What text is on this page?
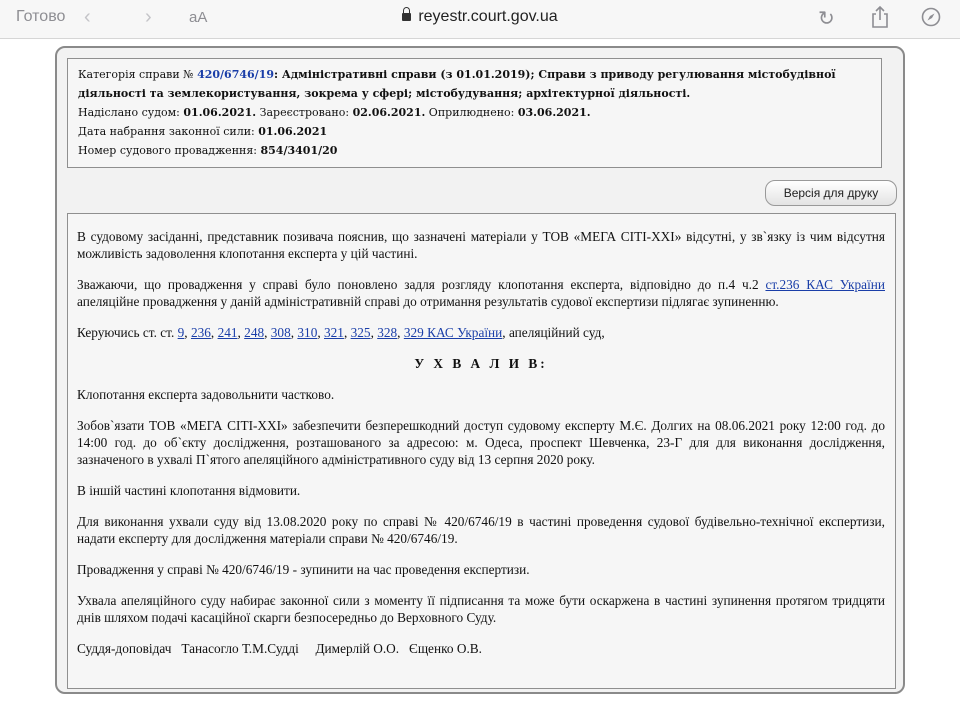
Готово ‹	› aA	reyestr.court.gov.ua	↻
Категорія справи № 420/6746/19: Адміністративні справи (з 01.01.2019); Справи з приводу регулювання містобудівної діяльності та землекористування, зокрема у сфері; містобудування; архітектурної діяльності.
Надіслано судом: 01.06.2021. Зареєстровано: 02.06.2021. Оприлюднено: 03.06.2021.
Дата набрання законної сили: 01.06.2021
Номер судового провадження: 854/3401/20
Версія для друку

В судовому засіданні, представник позивача пояснив, що зазначені матеріали у ТОВ «МЕГА СІТІ-ХХІ» відсутні, у зв`язку із чим відсутня можливість задоволення клопотання експерта у цій частині.

Зважаючи, що провадження у справі було поновлено задля розгляду клопотання експерта, відповідно до п.4 ч.2 ст.236 КАС України апеляційне провадження у даній адміністративній справі до отримання результатів судової експертизи підлягає зупиненню.

Керуючись ст. ст. 9, 236, 241, 248, 308, 310, 321, 325, 328, 329 КАС України, апеляційний суд,

У Х В А Л И В:

Клопотання експерта задовольнити частково.

Зобов`язати ТОВ «МЕГА СІТІ-ХХІ» забезпечити безперешкодний доступ судовому експерту М.Є. Долгих на 08.06.2021 року 12:00 год. до 14:00 год. до об`єкту дослідження, розташованого за адресою: м. Одеса, проспект Шевченка, 23-Г для для виконання дослідження, зазначеного в ухвалі П`ятого апеляційного адміністративного суду від 13 серпня 2020 року.

В іншій частині клопотання відмовити.

Для виконання ухвали суду від 13.08.2020 року по справі № 420/6746/19 в частині проведення судової будівельно-технічної експертизи, надати експерту для дослідження матеріали справи № 420/6746/19.

Провадження у справі № 420/6746/19 - зупинити на час проведення експертизи.

Ухвала апеляційного суду набирає законної сили з моменту її підписання та може бути оскаржена в частині зупинення протягом тридцяти днів шляхом подачі касаційної скарги безпосередньо до Верховного Суду.

Суддя-доповідач   Танасогло Т.М.Судді     Димерлій О.О.   Єщенко О.В.
